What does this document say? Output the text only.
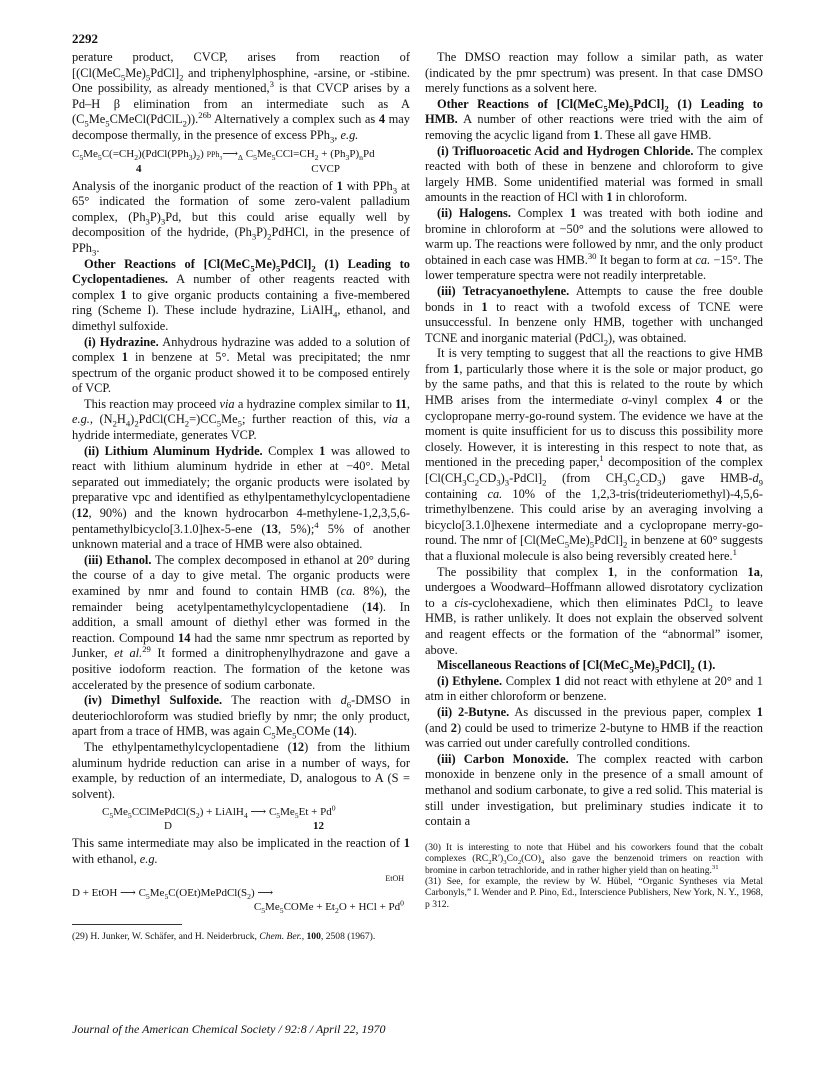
2292

perature product, CVCP, arises from reaction of [$(Cl(MeC_5Me)_5PdCl]_2$ and triphenylphosphine, -arsine, or -stibine. One possibility, as already mentioned,$^3$ is that CVCP arises by a Pd–H β elimination from an intermediate such as A $(C_5Me_5CMeCl(PdClL_2)).^{26b}$ Alternatively a complex such as 4 may decompose thermally, in the presence of excess PPh$_3$, e.g.

$C_5Me_5C(=CH_2)(PdCl(PPh_3)_2)$ $PPh_3⟶_\Delta$ $C_5Me_5CCl=CH_2 + (Ph_3P)_nPd$
4	CVCP

Analysis of the inorganic product of the reaction of 1 with PPh$_3$ at 65° indicated the formation of some zero-valent palladium complex, $(Ph_3P)_3Pd$, but this could arise equally well by decomposition of the hydride, $(Ph_3P)_2PdHCl$, in the presence of PPh$_3$.

Other Reactions of $[Cl(MeC_5Me)_5PdCl]_2$ (1) Leading to Cyclopentadienes. A number of other reagents reacted with complex 1 to give organic products containing a five-membered ring (Scheme I). These include hydrazine, LiAlH$_4$, ethanol, and dimethyl sulfoxide.

(i) Hydrazine. Anhydrous hydrazine was added to a solution of complex 1 in benzene at 5°. Metal was precipitated; the nmr spectrum of the organic product showed it to be composed entirely of VCP.

This reaction may proceed via a hydrazine complex similar to 11, e.g., $(N_2H_4)_2PdCl(CH_2=)CC_5Me_5$; further reaction of this, via a hydride intermediate, generates VCP.

(ii) Lithium Aluminum Hydride. Complex 1 was allowed to react with lithium aluminum hydride in ether at −40°. Metal separated out immediately; the organic products were isolated by preparative vpc and identified as ethylpentamethylcyclopentadiene (12, 90%) and the known hydrocarbon 4-methylene-1,2,3,5,6-pentamethylbicyclo[3.1.0]hex-5-ene (13, 5%);$^4$ 5% of another unknown material and a trace of HMB were also obtained.

(iii) Ethanol. The complex decomposed in ethanol at 20° during the course of a day to give metal. The organic products were examined by nmr and found to contain HMB (ca. 8%), the remainder being acetylpentamethylcyclopentadiene (14). In addition, a small amount of diethyl ether was formed in the reaction. Compound 14 had the same nmr spectrum as reported by Junker, et al.$^{29}$ It formed a dinitrophenylhydrazone and gave a positive iodoform reaction. The formation of the ketone was accelerated by the presence of sodium carbonate.

(iv) Dimethyl Sulfoxide. The reaction with $d_6$-DMSO in deuteriochloroform was studied briefly by nmr; the only product, apart from a trace of HMB, was again $C_5Me_5COMe$ (14).

The ethylpentamethylcyclopentadiene (12) from the lithium aluminum hydride reduction can arise in a number of ways, for example, by reduction of an intermediate, D, analogous to A (S = solvent).

$C_5Me_5CClMePdCl(S_2)$ + LiAlH$_4$ ⟶ $C_5Me_5Et + Pd^0$
D	12

This same intermediate may also be implicated in the reaction of 1 with ethanol, e.g.

EtOH
D + EtOH ⟶ $C_5Me_5C(OEt)MePdCl(S_2)$ ⟶
$C_5Me_5COMe + Et_2O$ + HCl + $Pd^0$

(29) H. Junker, W. Schäfer, and H. Neiderbruck, Chem. Ber., 100, 2508 (1967).

The DMSO reaction may follow a similar path, as water (indicated by the pmr spectrum) was present. In that case DMSO merely functions as a solvent here.

Other Reactions of $[Cl(MeC_5Me)_5PdCl]_2$ (1) Leading to HMB. A number of other reactions were tried with the aim of removing the acyclic ligand from 1. These all gave HMB.

(i) Trifluoroacetic Acid and Hydrogen Chloride. The complex reacted with both of these in benzene and chloroform to give largely HMB. Some unidentified material was formed in small amounts in the reaction of HCl with 1 in chloroform.

(ii) Halogens. Complex 1 was treated with both iodine and bromine in chloroform at −50° and the solutions were allowed to warm up. The reactions were followed by nmr, and the only product obtained in each case was HMB.$^{30}$ It began to form at ca. −15°. The lower temperature spectra were not readily interpretable.

(iii) Tetracyanoethylene. Attempts to cause the free double bonds in 1 to react with a twofold excess of TCNE were unsuccessful. In benzene only HMB, together with unchanged TCNE and inorganic material (PdCl$_2$), was obtained.

It is very tempting to suggest that all the reactions to give HMB from 1, particularly those where it is the sole or major product, go by the same paths, and that this is related to the route by which HMB arises from the intermediate σ-vinyl complex 4 or the cyclopropane merry-go-round system. The evidence we have at the moment is quite insufficient for us to discuss this possibility more closely. However, it is interesting in this respect to note that, as mentioned in the preceding paper,$^1$ decomposition of the complex $[Cl(CH_3C_2CD_3)_3-PdCl]_2$ (from $CH_3C_2CD_3$) gave HMB-$d_9$ containing ca. 10% of the 1,2,3-tris(trideuteriomethyl)-4,5,6-trimethylbenzene. This could arise by an averaging involving a bicyclo[3.1.0]hexene intermediate and a cyclopropane merry-go-round. The nmr of $[Cl(MeC_5Me)_5PdCl]_2$ in benzene at 60° suggests that a fluxional molecule is also being reversibly created here.$^1$

The possibility that complex 1, in the conformation 1a, undergoes a Woodward–Hoffmann allowed disrotatory cyclization to a cis-cyclohexadiene, which then eliminates PdCl$_2$ to leave HMB, is rather unlikely. It does not explain the observed solvent and reagent effects or the formation of the “abnormal” isomer, above.

Miscellaneous Reactions of $[Cl(MeC_5Me)_5PdCl]_2$ (1).

(i) Ethylene. Complex 1 did not react with ethylene at 20° and 1 atm in either chloroform or benzene.

(ii) 2-Butyne. As discussed in the previous paper, complex 1 (and 2) could be used to trimerize 2-butyne to HMB if the reaction was carried out under carefully controlled conditions.

(iii) Carbon Monoxide. The complex reacted with carbon monoxide in benzene only in the presence of a small amount of methanol and sodium carbonate, to give a red solid. This material is still under investigation, but preliminary studies indicate it to contain a

(30) It is interesting to note that Hübel and his coworkers found that the cobalt complexes $(RC_2R')_3Co_2(CO)_4$ also gave the benzenoid trimers on reaction with bromine in carbon tetrachloride, and in rather higher yield than on heating.$^{31}$

(31) See, for example, the review by W. Hübel, “Organic Syntheses via Metal Carbonyls,” I. Wender and P. Pino, Ed., Interscience Publishers, New York, N. Y., 1968, p 312.

Journal of the American Chemical Society / 92:8 / April 22, 1970
